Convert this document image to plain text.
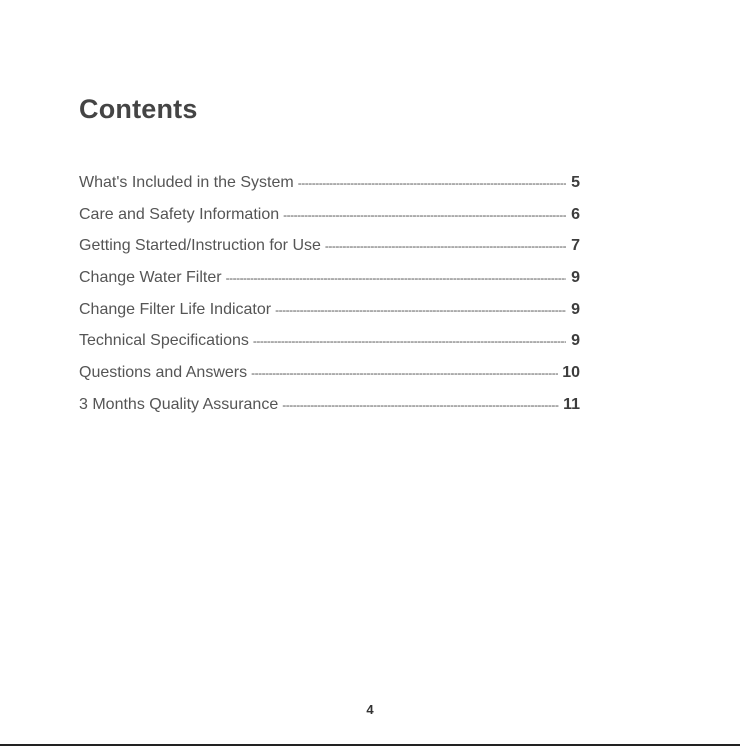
Contents
What's Included in the System -----	5
Care and Safety Information -----	6
Getting Started/Instruction for Use -----	7
Change Water Filter -----	9
Change Filter Life Indicator -----	9
Technical Specifications -----	9
Questions and Answers -----	10
3 Months Quality Assurance -----	11
4
